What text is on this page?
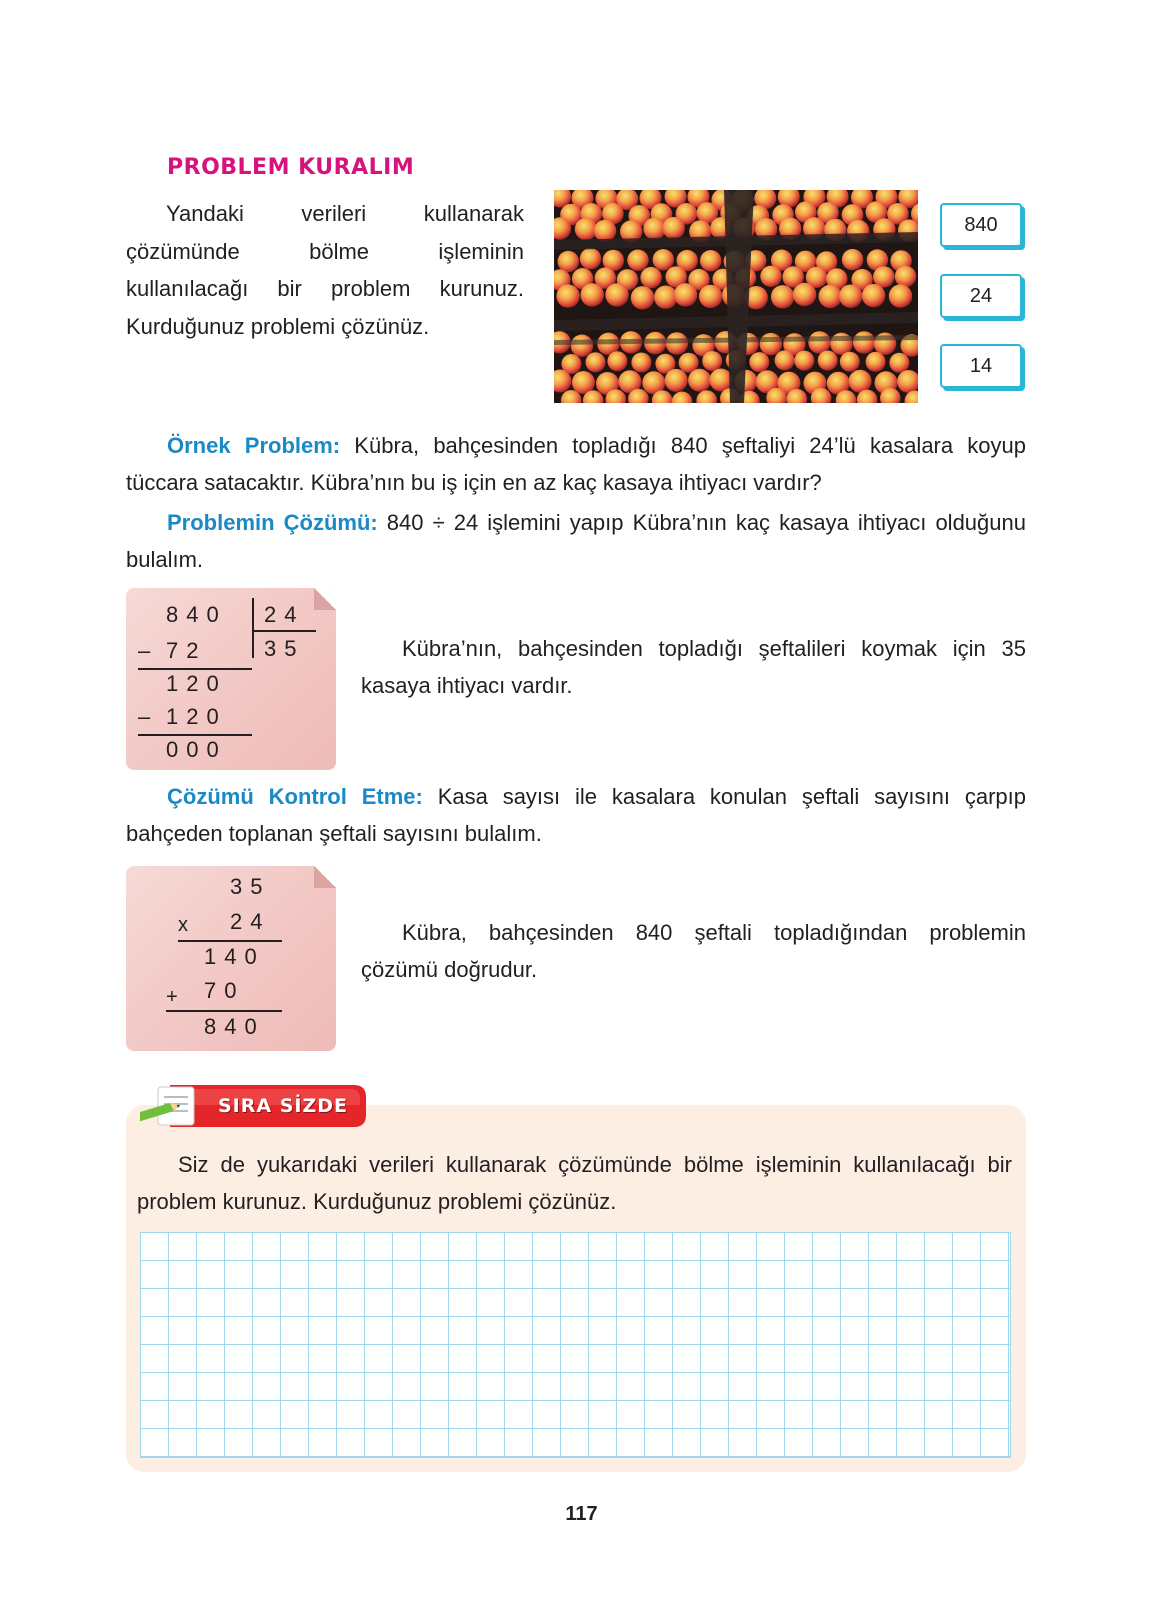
PROBLEM KURALIM
Yandaki verileri kullanarak çözümünde bölme işleminin kullanılacağı bir problem kurunuz. Kurduğunuz problemi çözünüz.
840
24
14
Örnek Problem: Kübra, bahçesinden topladığı 840 şeftaliyi 24’lü kasalara koyup tüccara satacaktır. Kübra’nın bu iş için en az kaç kasaya ihtiyacı vardır?
Problemin Çözümü: 840 ÷ 24 işlemini yapıp Kübra’nın kaç kasaya ihtiyacı olduğunu bulalım.
840 24
35
– 72
120
– 120
000
Kübra’nın, bahçesinden topladığı şeftalileri koymak için 35 kasaya ihtiyacı vardır.
Çözümü Kontrol Etme: Kasa sayısı ile kasalara konulan şeftali sayısını çarpıp bahçeden toplanan şeftali sayısını bulalım.
35
x 24
140
+ 70
840
Kübra, bahçesinden 840 şeftali topladığından problemin çözümü doğrudur.
SIRA SİZDE
Siz de yukarıdaki verileri kullanarak çözümünde bölme işleminin kullanılacağı bir problem kurunuz. Kurduğunuz problemi çözünüz.
117
